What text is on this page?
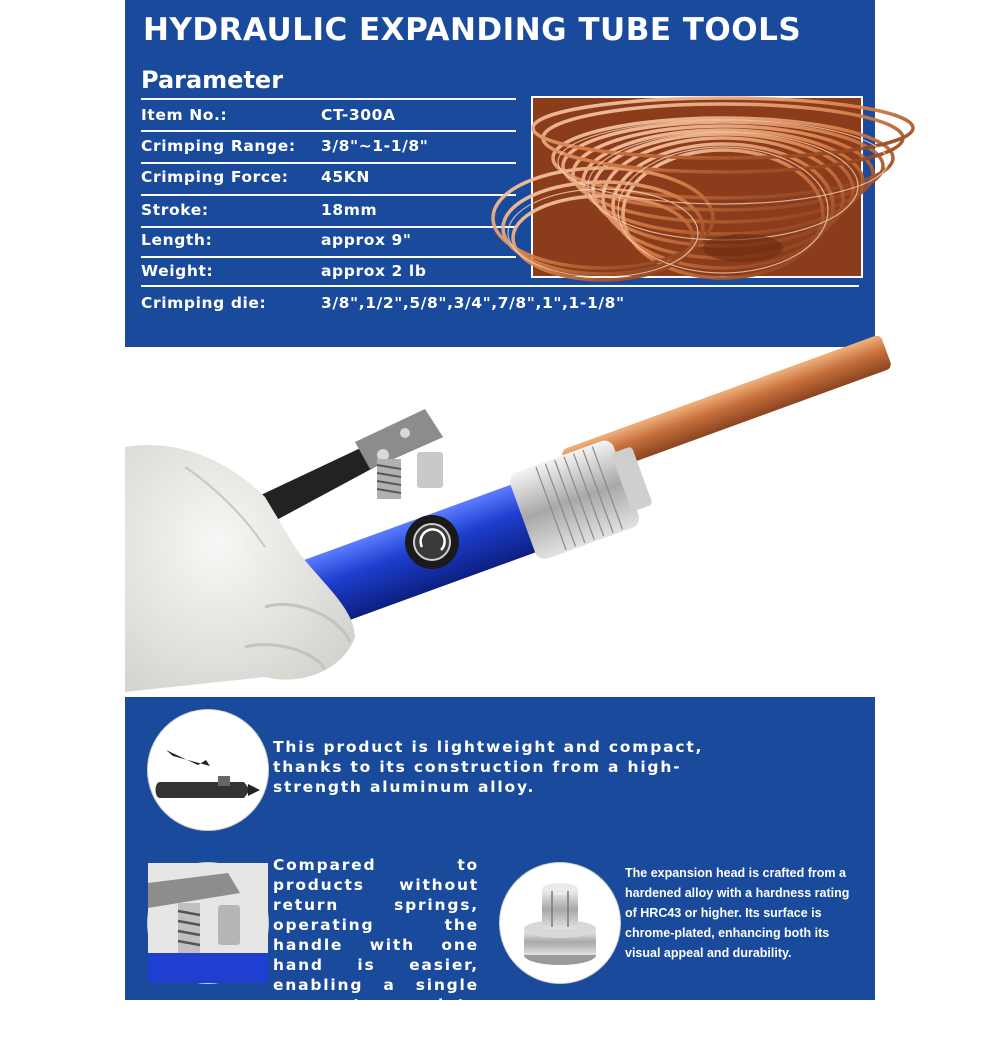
HYDRAULIC EXPANDING TUBE TOOLS
Parameter
Item No.:	CT-300A
Crimping Range: 3/8"~1-1/8"
Crimping Force: 45KN
Stroke:	18mm
Length:	approx 9"
Weight:	approx 2 lb
Crimping die:	3/8",1/2",5/8",3/4",7/8",1",1-1/8"

This product is lightweight and compact, thanks to its construction from a high-strength aluminum alloy.

Compared to products without return springs, operating the handle with one hand is easier, enabling a single person to complete the expanding tube job independently.

The expansion head is crafted from a hardened alloy with a hardness rating of HRC43 or higher. Its surface is chrome-plated, enhancing both its visual appeal and durability.
